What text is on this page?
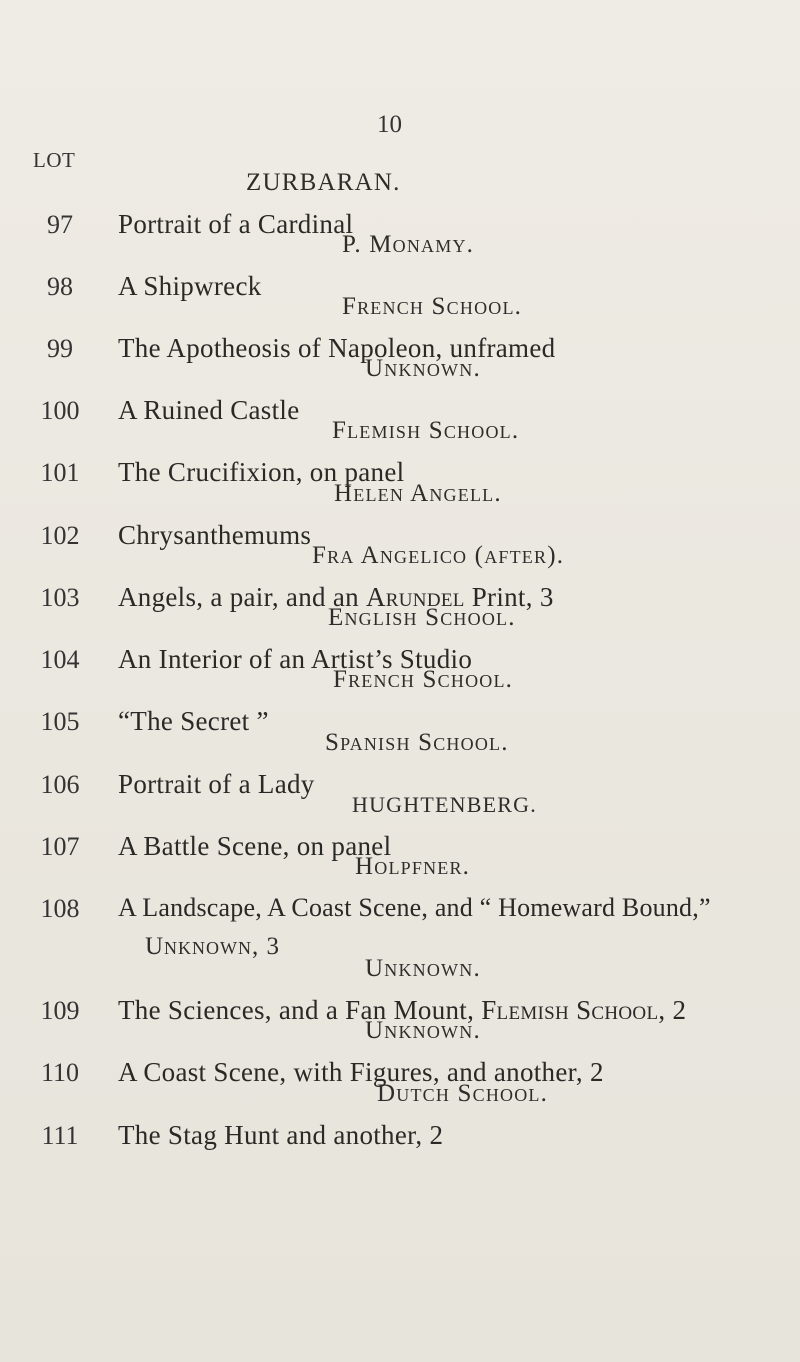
10
LOT
ZURBARAN.
97	Portrait of a Cardinal
P. Monamy.
98	A Shipwreck
French School.
99	The Apotheosis of Napoleon, unframed
Unknown.
100	A Ruined Castle
Flemish School.
101	The Crucifixion, on panel
Helen Angell.
102	Chrysanthemums
Fra Angelico (after).
103	Angels, a pair, and an Arundel Print, 3
English School.
104	An Interior of an Artist’s Studio
French School.
105	“The Secret ”
Spanish School.
106	Portrait of a Lady
HUGHTENBERG.
107	A Battle Scene, on panel
Holpfner.
108	A Landscape, A Coast Scene, and “ Homeward Bound,”
Unknown, 3
Unknown.
109	The Sciences, and a Fan Mount, Flemish School, 2
Unknown.
110	A Coast Scene, with Figures, and another, 2
Dutch School.
111	The Stag Hunt and another, 2
